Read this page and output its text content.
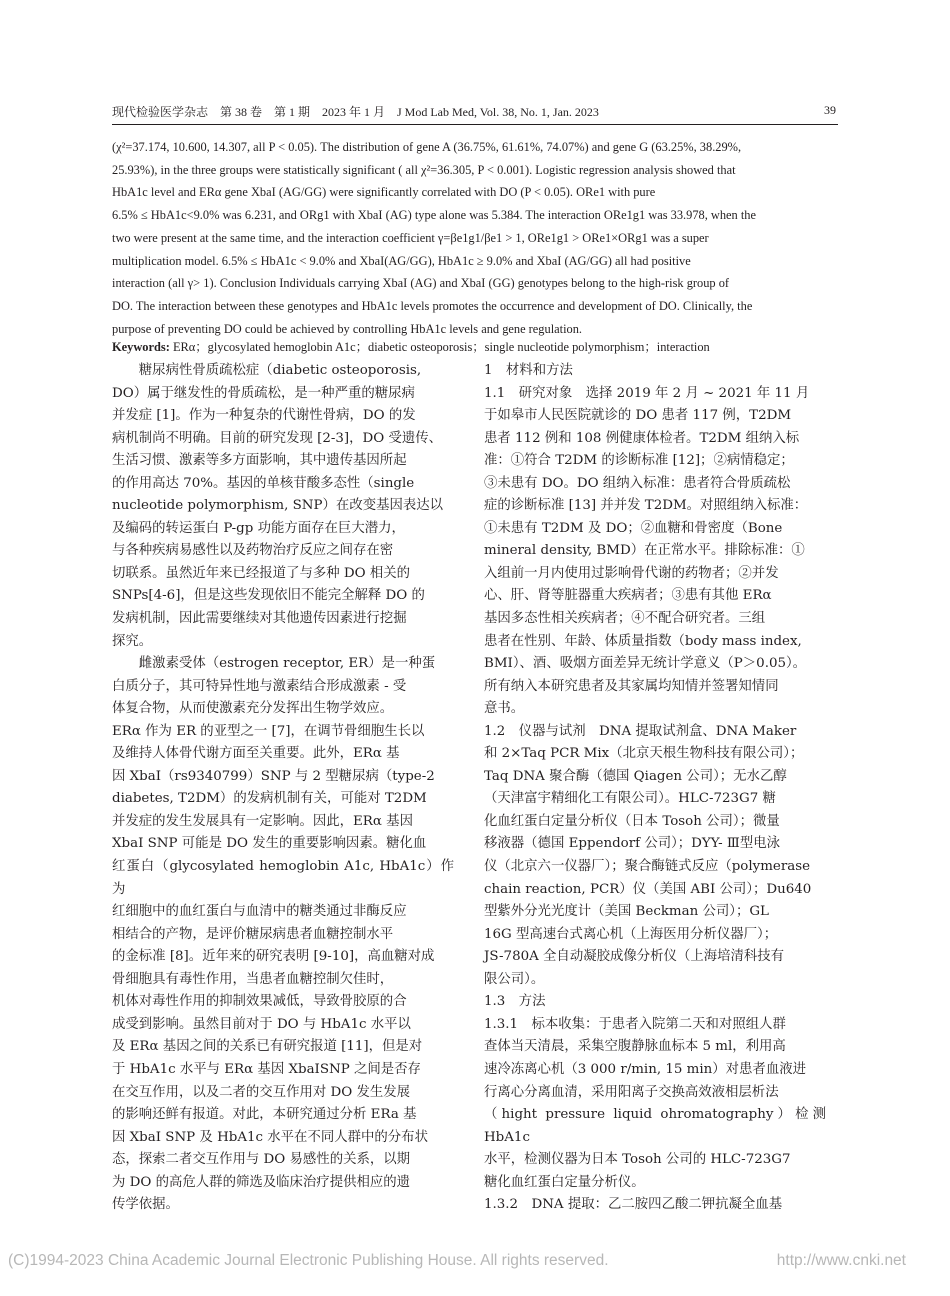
现代检验医学杂志　第 38 卷　第 1 期　2023 年 1 月　J Mod Lab Med, Vol. 38, No. 1, Jan. 2023	39

(χ²=37.174, 10.600, 14.307, all P < 0.05). The distribution of gene A (36.75%, 61.61%, 74.07%) and gene G (63.25%, 38.29%,

25.93%), in the three groups were statistically significant ( all χ²=36.305, P < 0.001). Logistic regression analysis showed that

HbA1c level and ERα gene XbaI (AG/GG) were significantly correlated with DO (P < 0.05). ORe1 with pure

6.5% ≤ HbA1c<9.0% was 6.231, and ORg1 with XbaI (AG) type alone was 5.384. The interaction ORe1g1 was 33.978, when the

two were present at the same time, and the interaction coefficient γ=βe1g1/βe1 > 1, ORe1g1 > ORe1×ORg1 was a super

multiplication model. 6.5% ≤ HbA1c < 9.0% and XbaI(AG/GG), HbA1c ≥ 9.0% and XbaI (AG/GG) all had positive

interaction (all γ> 1). Conclusion Individuals carrying XbaI (AG) and XbaI (GG) genotypes belong to the high-risk group of

DO. The interaction between these genotypes and HbA1c levels promotes the occurrence and development of DO. Clinically, the

purpose of preventing DO could be achieved by controlling HbA1c levels and gene regulation.

Keywords: ERα；glycosylated hemoglobin A1c；diabetic osteoporosis；single nucleotide polymorphism；interaction

糖尿病性骨质疏松症（diabetic osteoporosis,

DO）属于继发性的骨质疏松，是一种严重的糖尿病

并发症 [1]。作为一种复杂的代谢性骨病，DO 的发

病机制尚不明确。目前的研究发现 [2-3]，DO 受遗传、

生活习惯、激素等多方面影响，其中遗传基因所起

的作用高达 70%。基因的单核苷酸多态性（single

nucleotide polymorphism, SNP）在改变基因表达以

及编码的转运蛋白 P-gp 功能方面存在巨大潜力，

与各种疾病易感性以及药物治疗反应之间存在密

切联系。虽然近年来已经报道了与多种 DO 相关的

SNPs[4-6]，但是这些发现依旧不能完全解释 DO 的

发病机制，因此需要继续对其他遗传因素进行挖掘

探究。

雌激素受体（estrogen receptor, ER）是一种蛋

白质分子，其可特异性地与激素结合形成激素 - 受

体复合物，从而使激素充分发挥出生物学效应。

ERα 作为 ER 的亚型之一 [7]，在调节骨细胞生长以

及维持人体骨代谢方面至关重要。此外，ERα 基

因 XbaI（rs9340799）SNP 与 2 型糖尿病（type-2

diabetes, T2DM）的发病机制有关，可能对 T2DM

并发症的发生发展具有一定影响。因此，ERα 基因

XbaI SNP 可能是 DO 发生的重要影响因素。糖化血

红蛋白（glycosylated hemoglobin A1c, HbA1c）作为

红细胞中的血红蛋白与血清中的糖类通过非酶反应

相结合的产物，是评价糖尿病患者血糖控制水平

的金标准 [8]。近年来的研究表明 [9-10]，高血糖对成

骨细胞具有毒性作用，当患者血糖控制欠佳时，

机体对毒性作用的抑制效果减低，导致骨胶原的合

成受到影响。虽然目前对于 DO 与 HbA1c 水平以

及 ERα 基因之间的关系已有研究报道 [11]，但是对

于 HbA1c 水平与 ERα 基因 XbaISNP 之间是否存

在交互作用，以及二者的交互作用对 DO 发生发展

的影响还鲜有报道。对此，本研究通过分析 ERa 基

因 XbaI SNP 及 HbA1c 水平在不同人群中的分布状

态，探索二者交互作用与 DO 易感性的关系，以期

为 DO 的高危人群的筛选及临床治疗提供相应的遗

传学依据。

1　材料和方法

1.1　研究对象　选择 2019 年 2 月 ~ 2021 年 11 月

于如皋市人民医院就诊的 DO 患者 117 例，T2DM

患者 112 例和 108 例健康体检者。T2DM 组纳入标

准：①符合 T2DM 的诊断标准 [12]；②病情稳定；

③未患有 DO。DO 组纳入标准：患者符合骨质疏松

症的诊断标准 [13] 并并发 T2DM。对照组纳入标准：

①未患有 T2DM 及 DO；②血糖和骨密度（Bone

mineral density, BMD）在正常水平。排除标准：①

入组前一月内使用过影响骨代谢的药物者；②并发

心、肝、肾等脏器重大疾病者；③患有其他 ERα

基因多态性相关疾病者；④不配合研究者。三组

患者在性别、年龄、体质量指数（body mass index,

BMI）、酒、吸烟方面差异无统计学意义（P＞0.05）。

所有纳入本研究患者及其家属均知情并签署知情同

意书。

1.2　仪器与试剂　DNA 提取试剂盒、DNA Maker

和 2×Taq PCR Mix（北京天根生物科技有限公司）；

Taq DNA 聚合酶（德国 Qiagen 公司）；无水乙醇

（天津富宇精细化工有限公司）。HLC-723G7 糖

化血红蛋白定量分析仪（日本 Tosoh 公司）；微量

移液器（德国 Eppendorf 公司）；DYY- Ⅲ型电泳

仪（北京六一仪器厂）；聚合酶链式反应（polymerase

chain reaction, PCR）仪（美国 ABI 公司）；Du640

型紫外分光光度计（美国 Beckman 公司）；GL

16G 型高速台式离心机（上海医用分析仪器厂）；

JS-780A 全自动凝胶成像分析仪（上海培清科技有

限公司）。

1.3　方法

1.3.1　标本收集：于患者入院第二天和对照组人群

查体当天清晨，采集空腹静脉血标本 5 ml，利用高

速冷冻离心机（3 000 r/min, 15 min）对患者血液进

行离心分离血清，采用阳离子交换高效液相层析法

（hight pressure liquid ohromatography）检测 HbA1c

水平，检测仪器为日本 Tosoh 公司的 HLC-723G7

糖化血红蛋白定量分析仪。

1.3.2　DNA 提取：乙二胺四乙酸二钾抗凝全血基

(C)1994-2023 China Academic Journal Electronic Publishing House. All rights reserved.	http://www.cnki.net
